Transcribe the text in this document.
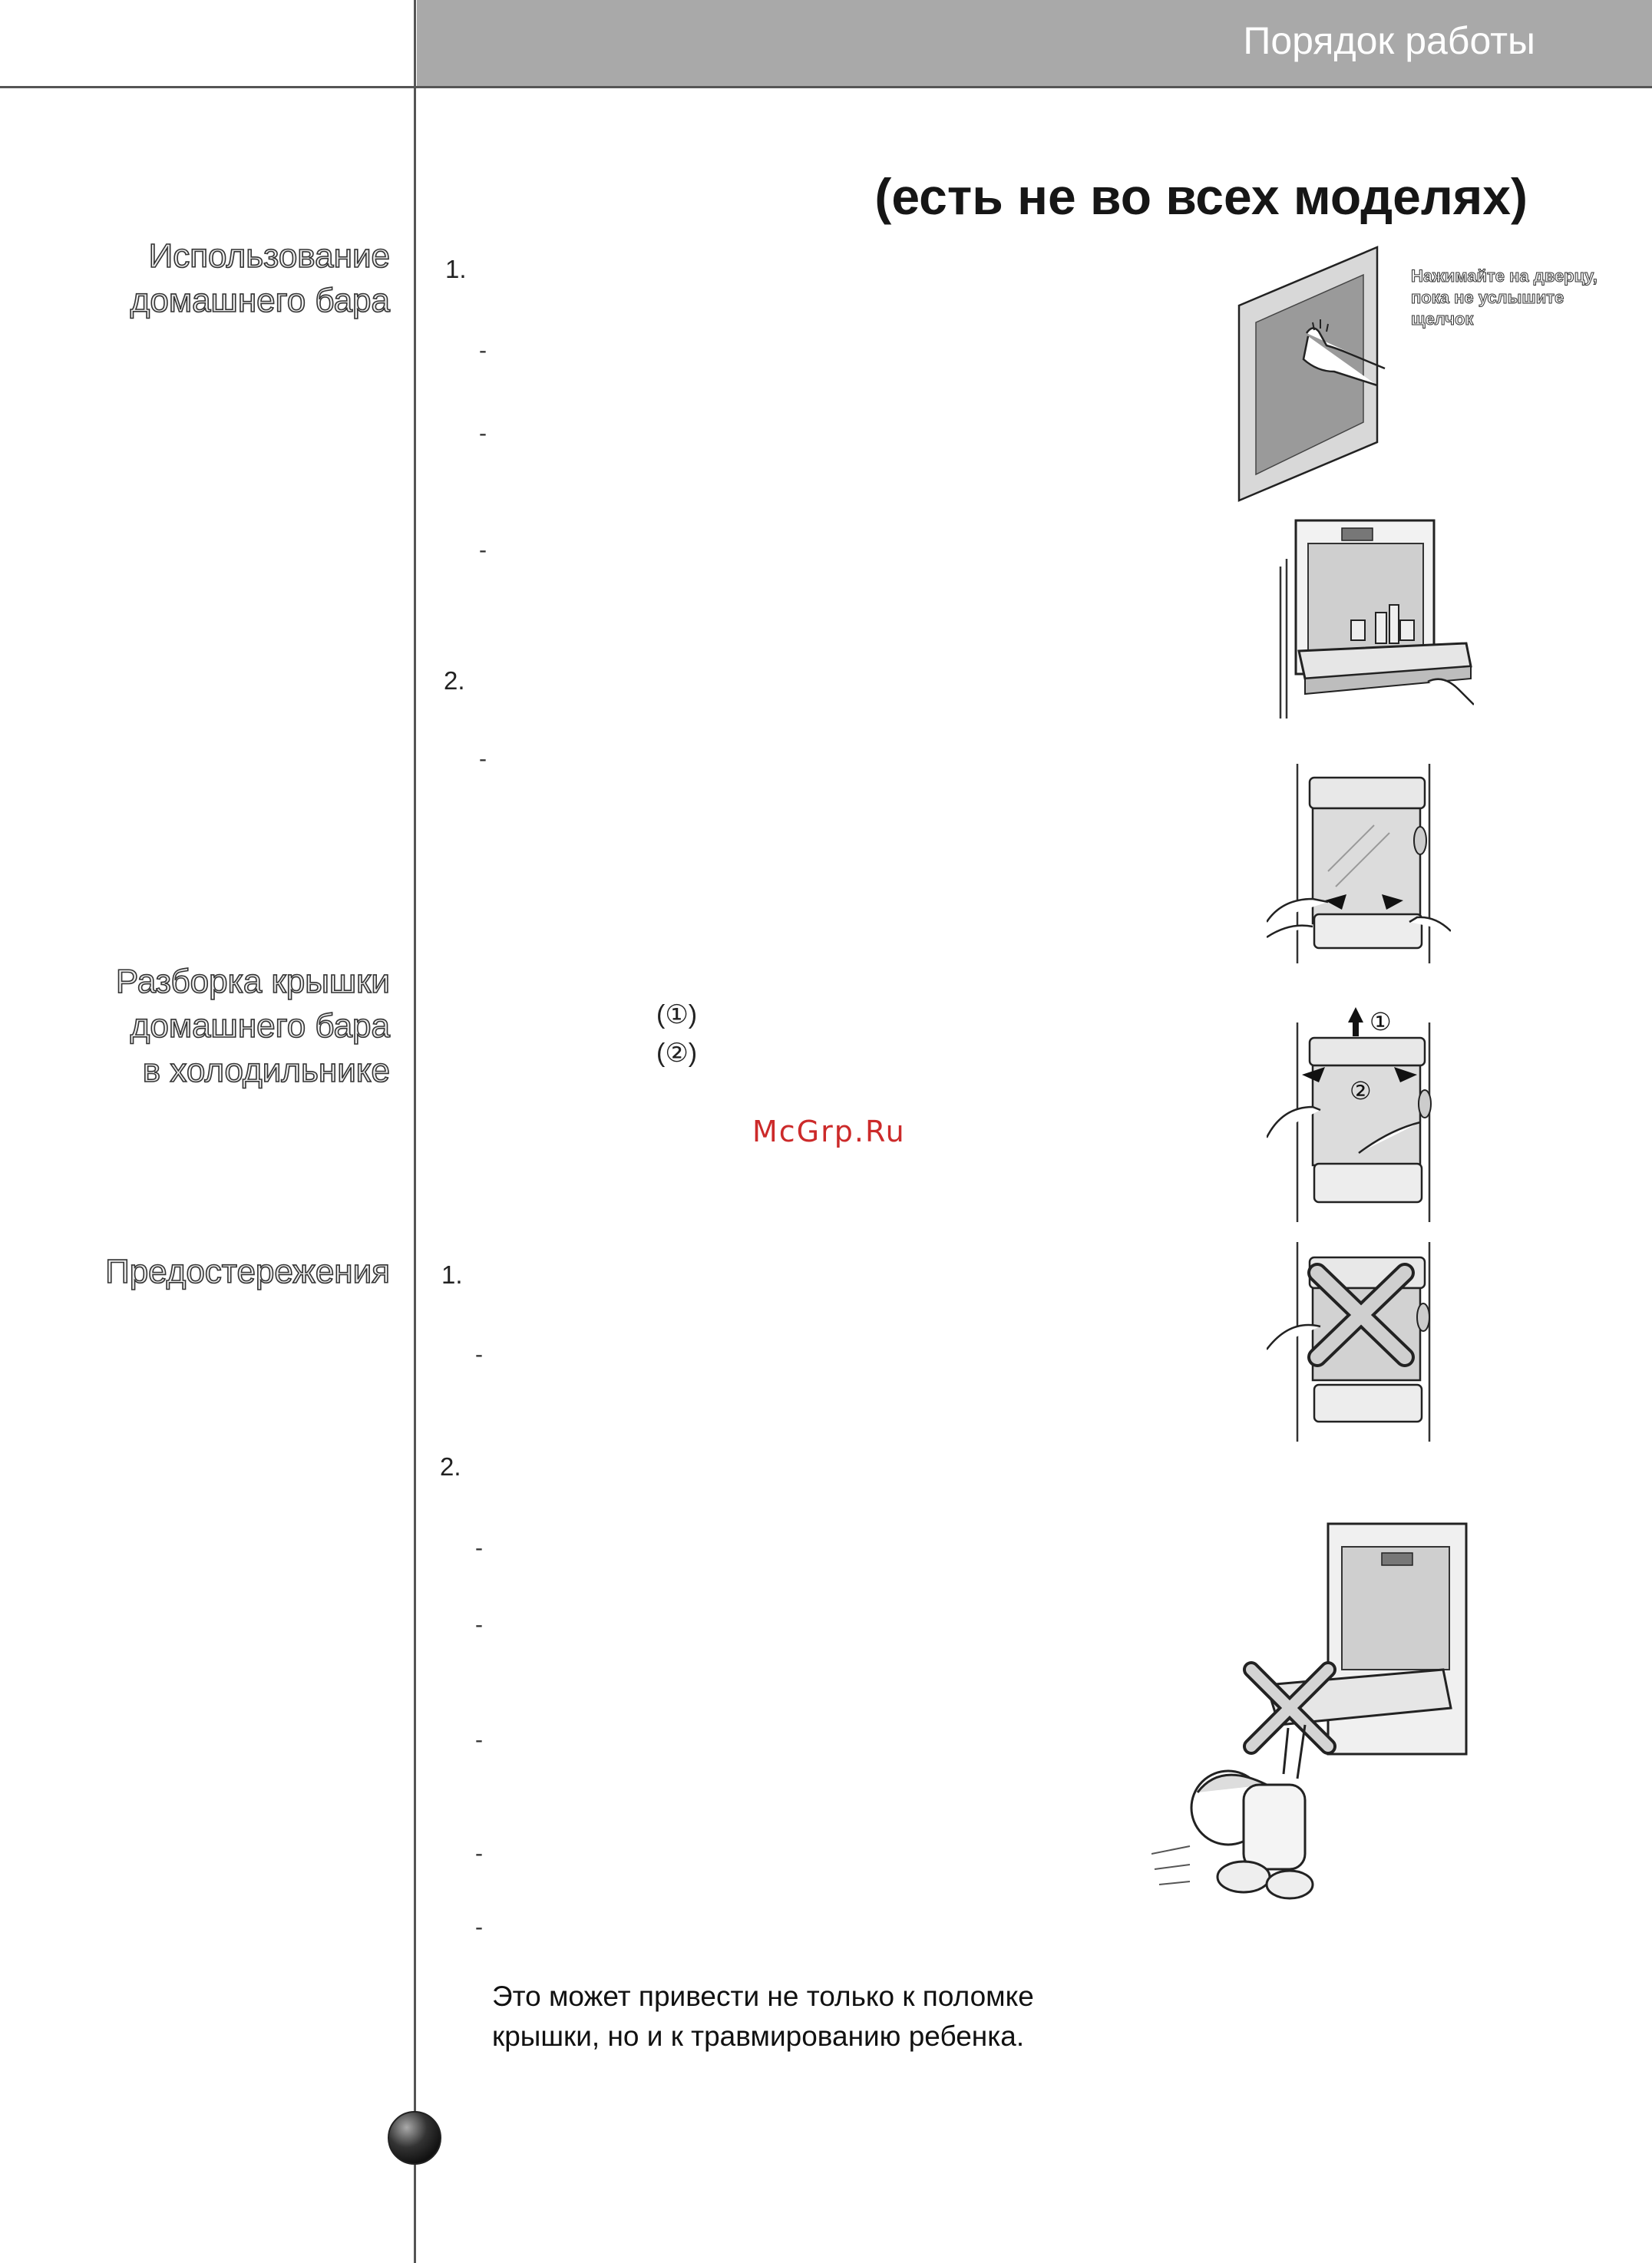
Порядок работы
(есть не во всех моделях)
Использование
домашнего бара
Разборка крышки
домашнего бара
в холодильнике
Предостережения
1.
-
-
-
2.
-
(①)
(②)
McGrp.Ru
1.
-
2.
-
-
-
-
-
Это может привести не только к поломке
крышки, но и к травмированию ребенка.
Нажимайте на дверцу,
пока не услышите
щелчок
①
②
